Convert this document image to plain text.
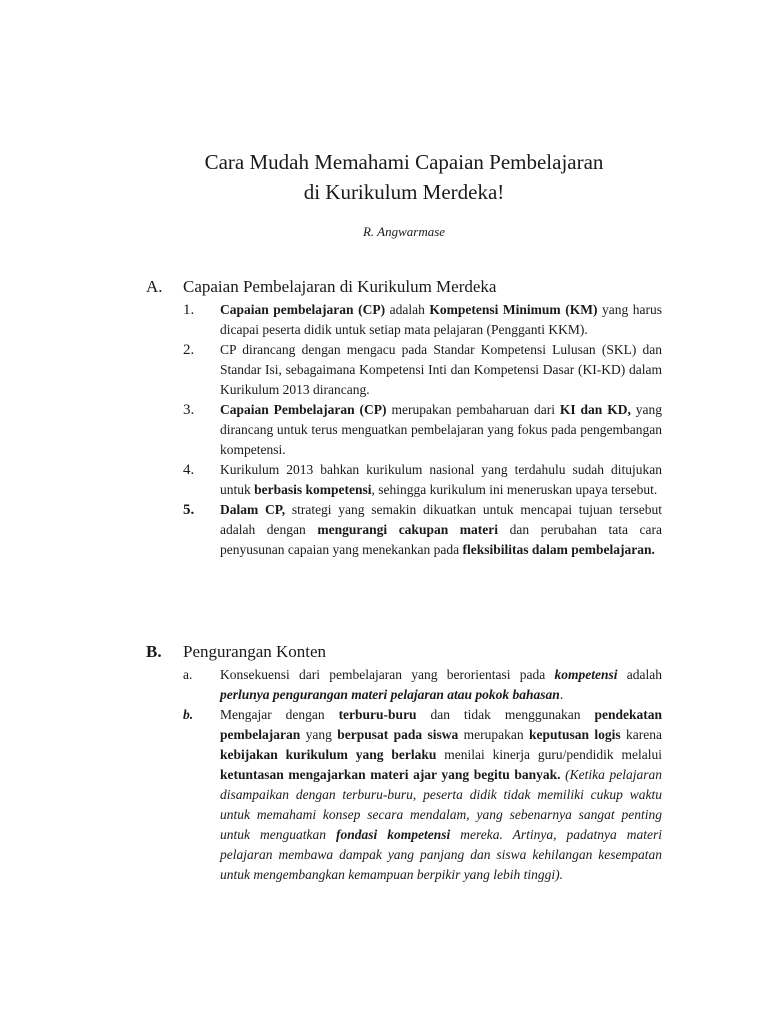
Cara Mudah Memahami Capaian Pembelajaran
di Kurikulum Merdeka!
R. Angwarmase
A.	Capaian Pembelajaran di Kurikulum Merdeka
1.	Capaian pembelajaran (CP) adalah Kompetensi Minimum (KM) yang harus dicapai peserta didik untuk setiap mata pelajaran (Pengganti KKM).
2.	CP dirancang dengan mengacu pada Standar Kompetensi Lulusan (SKL) dan Standar Isi, sebagaimana Kompetensi Inti dan Kompetensi Dasar (KI-KD) dalam Kurikulum 2013 dirancang.
3.	Capaian Pembelajaran (CP) merupakan pembaharuan dari KI dan KD, yang dirancang untuk terus menguatkan pembelajaran yang fokus pada pengembangan kompetensi.
4.	Kurikulum 2013 bahkan kurikulum nasional yang terdahulu sudah ditujukan untuk berbasis kompetensi, sehingga kurikulum ini meneruskan upaya tersebut.
5.	Dalam CP, strategi yang semakin dikuatkan untuk mencapai tujuan tersebut adalah dengan mengurangi cakupan materi dan perubahan tata cara penyusunan capaian yang menekankan pada fleksibilitas dalam pembelajaran.
B.	Pengurangan Konten
a.	Konsekuensi dari pembelajaran yang berorientasi pada kompetensi adalah perlunya pengurangan materi pelajaran atau pokok bahasan.
b.	Mengajar dengan terburu-buru dan tidak menggunakan pendekatan pembelajaran yang berpusat pada siswa merupakan keputusan logis karena kebijakan kurikulum yang berlaku menilai kinerja guru/pendidik melalui ketuntasan mengajarkan materi ajar yang begitu banyak. (Ketika pelajaran disampaikan dengan terburu-buru, peserta didik tidak memiliki cukup waktu untuk memahami konsep secara mendalam, yang sebenarnya sangat penting untuk menguatkan fondasi kompetensi mereka. Artinya, padatnya materi pelajaran membawa dampak yang panjang dan siswa kehilangan kesempatan untuk mengembangkan kemampuan berpikir yang lebih tinggi).
